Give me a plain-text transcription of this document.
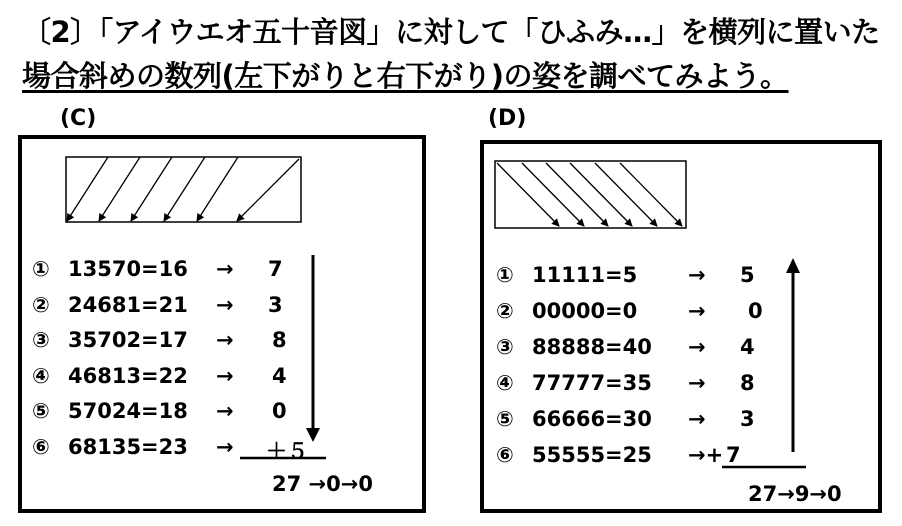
〔2〕「アイウエオ五十音図」に対して「ひふみ…」を横列に置いた
場合斜めの数列(左下がりと右下がり)の姿を調べてみよう。
(C)
① 13570=16 → 7
② 24681=21 → 3
③ 35702=17 → 8
④ 46813=22 → 4
⑤ 57024=18 → 0
⑥ 68135=23 → ＋５
27 →0→0
(D)
① 11111=5 → 5
② 00000=0 → 0
③ 88888=40 → 4
④ 77777=35 → 8
⑤ 66666=30 → 3
⑥ 55555=25 →+ 7
27→9→0
